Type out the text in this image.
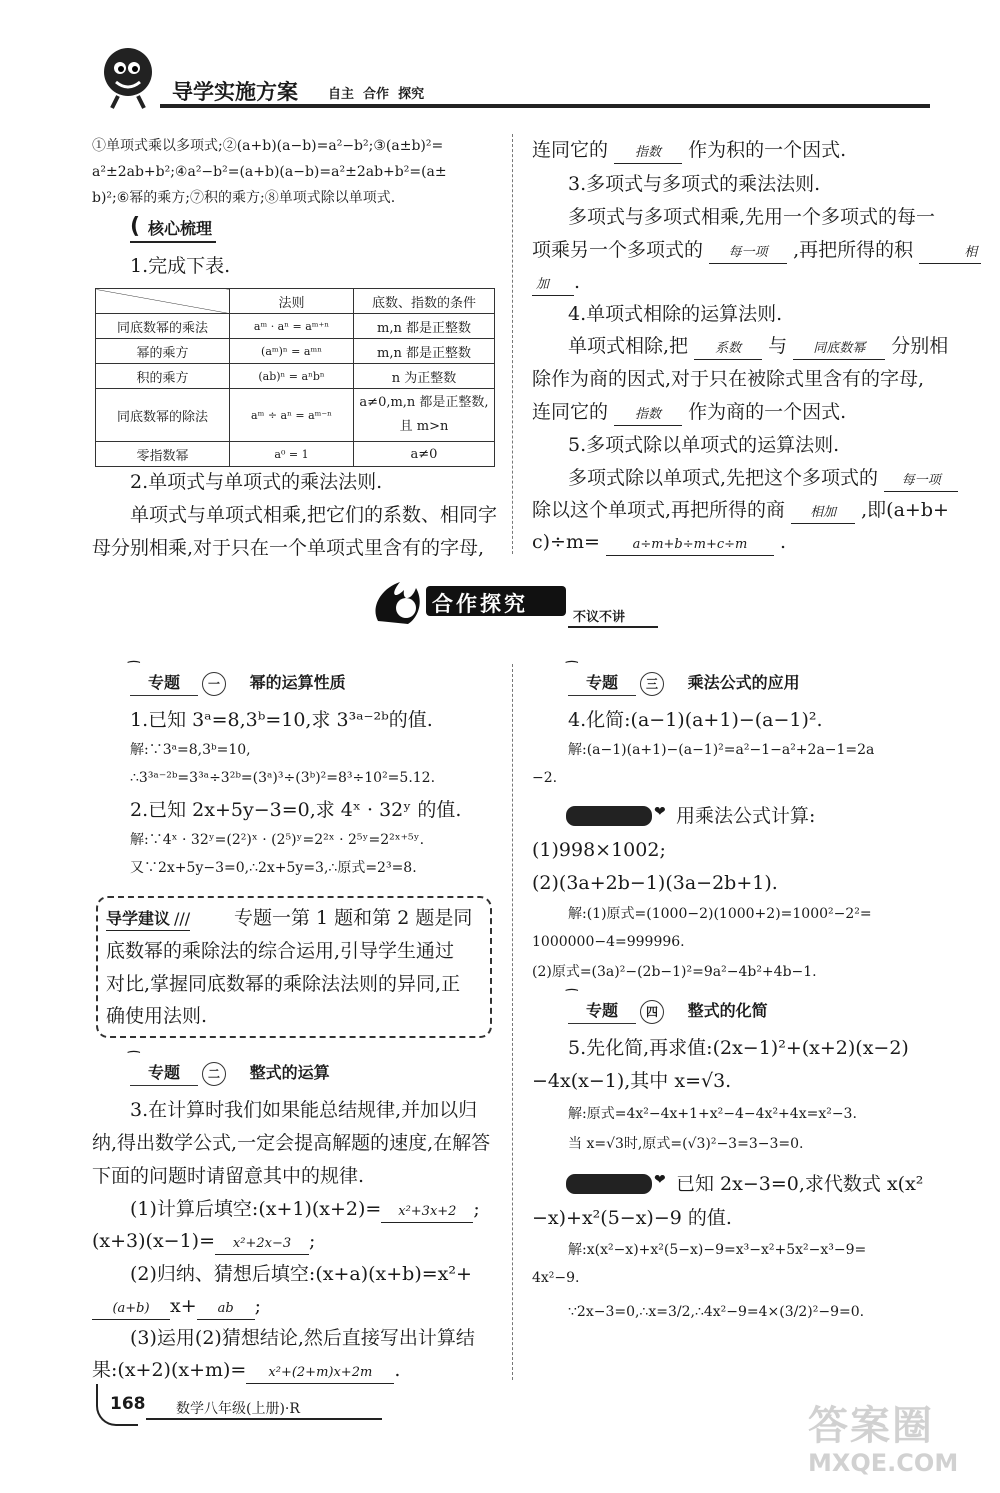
导学实施方案 自主  合作  探究
①单项式乘以多项式;②(a+b)(a−b)=a²−b²;③(a±b)²=
a²±2ab+b²;④a²−b²=(a+b)(a−b)=a²±2ab+b²=(a±
b)²;⑥幂的乘方;⑦积的乘方;⑧单项式除以单项式.
( 核心梳理
1.完成下表.
	法则	底数、指数的条件
同底数幂的乘法	aᵐ · aⁿ = aᵐ⁺ⁿ	m,n 都是正整数
幂的乘方	(aᵐ)ⁿ = aᵐⁿ	m,n 都是正整数
积的乘方	(ab)ⁿ = aⁿbⁿ	n 为正整数
同底数幂的除法	aᵐ ÷ aⁿ = aᵐ⁻ⁿ	a≠0,m,n 都是正整数,且 m>n
零指数幂	a⁰ = 1	a≠0
2.单项式与单项式的乘法法则.
单项式与单项式相乘,把它们的系数、相同字
母分别相乘,对于只在一个单项式里含有的字母,
连同它的 指数 作为积的一个因式.
3.多项式与多项式的乘法法则.
多项式与多项式相乘,先用一个多项式的每一
项乘另一个多项式的 每一项 ,再把所得的积	相
加 .
4.单项式相除的运算法则.
单项式相除,把 系数 与 同底数幂 分别相
除作为商的因式,对于只在被除式里含有的字母,
连同它的 指数 作为商的一个因式.
5.多项式除以单项式的运算法则.
多项式除以单项式,先把这个多项式的 每一项
除以这个单项式,再把所得的商 相加 ,即(a+b+
c)÷m=	a÷m+b÷m+c÷m .
合作探究
不议不讲
⁀
专题 一 幂的运算性质
1.已知 3ᵃ=8,3ᵇ=10,求 3³ᵃ⁻²ᵇ的值.
解:∵3ᵃ=8,3ᵇ=10,
∴3³ᵃ⁻²ᵇ=3³ᵃ÷3²ᵇ=(3ᵃ)³÷(3ᵇ)²=8³÷10²=5.12.
2.已知 2x+5y−3=0,求 4ˣ · 32ʸ 的值.
解:∵4ˣ · 32ʸ=(2²)ˣ · (2⁵)ʸ=2²ˣ · 2⁵ʸ=2²ˣ⁺⁵ʸ.
又∵2x+5y−3=0,∴2x+5y=3,∴原式=2³=8.
导学建议 /// 专题一第 1 题和第 2 题是同
底数幂的乘除法的综合运用,引导学生通过
对比,掌握同底数幂的乘除法法则的异同,正
确使用法则.
⁀
专题 二 整式的运算
3.在计算时我们如果能总结规律,并加以归
纳,得出数学公式,一定会提高解题的速度,在解答
下面的问题时请留意其中的规律.
(1)计算后填空:(x+1)(x+2)= x²+3x+2 ;
(x+3)(x−1)= x²+2x−3 ;
(2)归纳、猜想后填空:(x+a)(x+b)=x²+
(a+b) x+ ab ;
(3)运用(2)猜想结论,然后直接写出计算结
果:(x+2)(x+m)= x²+(2+m)x+2m .
⁀
专题 三 乘法公式的应用
4.化简:(a−1)(a+1)−(a−1)².
解:(a−1)(a+1)−(a−1)²=a²−1−a²+2a−1=2a
−2.
❤ 用乘法公式计算:
(1)998×1002;
(2)(3a+2b−1)(3a−2b+1).
解:(1)原式=(1000−2)(1000+2)=1000²−2²=
1000000−4=999996.
(2)原式=(3a)²−(2b−1)²=9a²−4b²+4b−1.
⁀
专题 四 整式的化简
5.先化简,再求值:(2x−1)²+(x+2)(x−2)
−4x(x−1),其中 x=√3.
解:原式=4x²−4x+1+x²−4−4x²+4x=x²−3.
当 x=√3时,原式=(√3)²−3=3−3=0.
❤ 已知 2x−3=0,求代数式 x(x²
−x)+x²(5−x)−9 的值.
解:x(x²−x)+x²(5−x)−9=x³−x²+5x²−x³−9=
4x²−9.
∵2x−3=0,∴x=3/2,∴4x²−9=4×(3/2)²−9=0.
168 数学八年级(上册)·R	答案圈
MXQE.COM
